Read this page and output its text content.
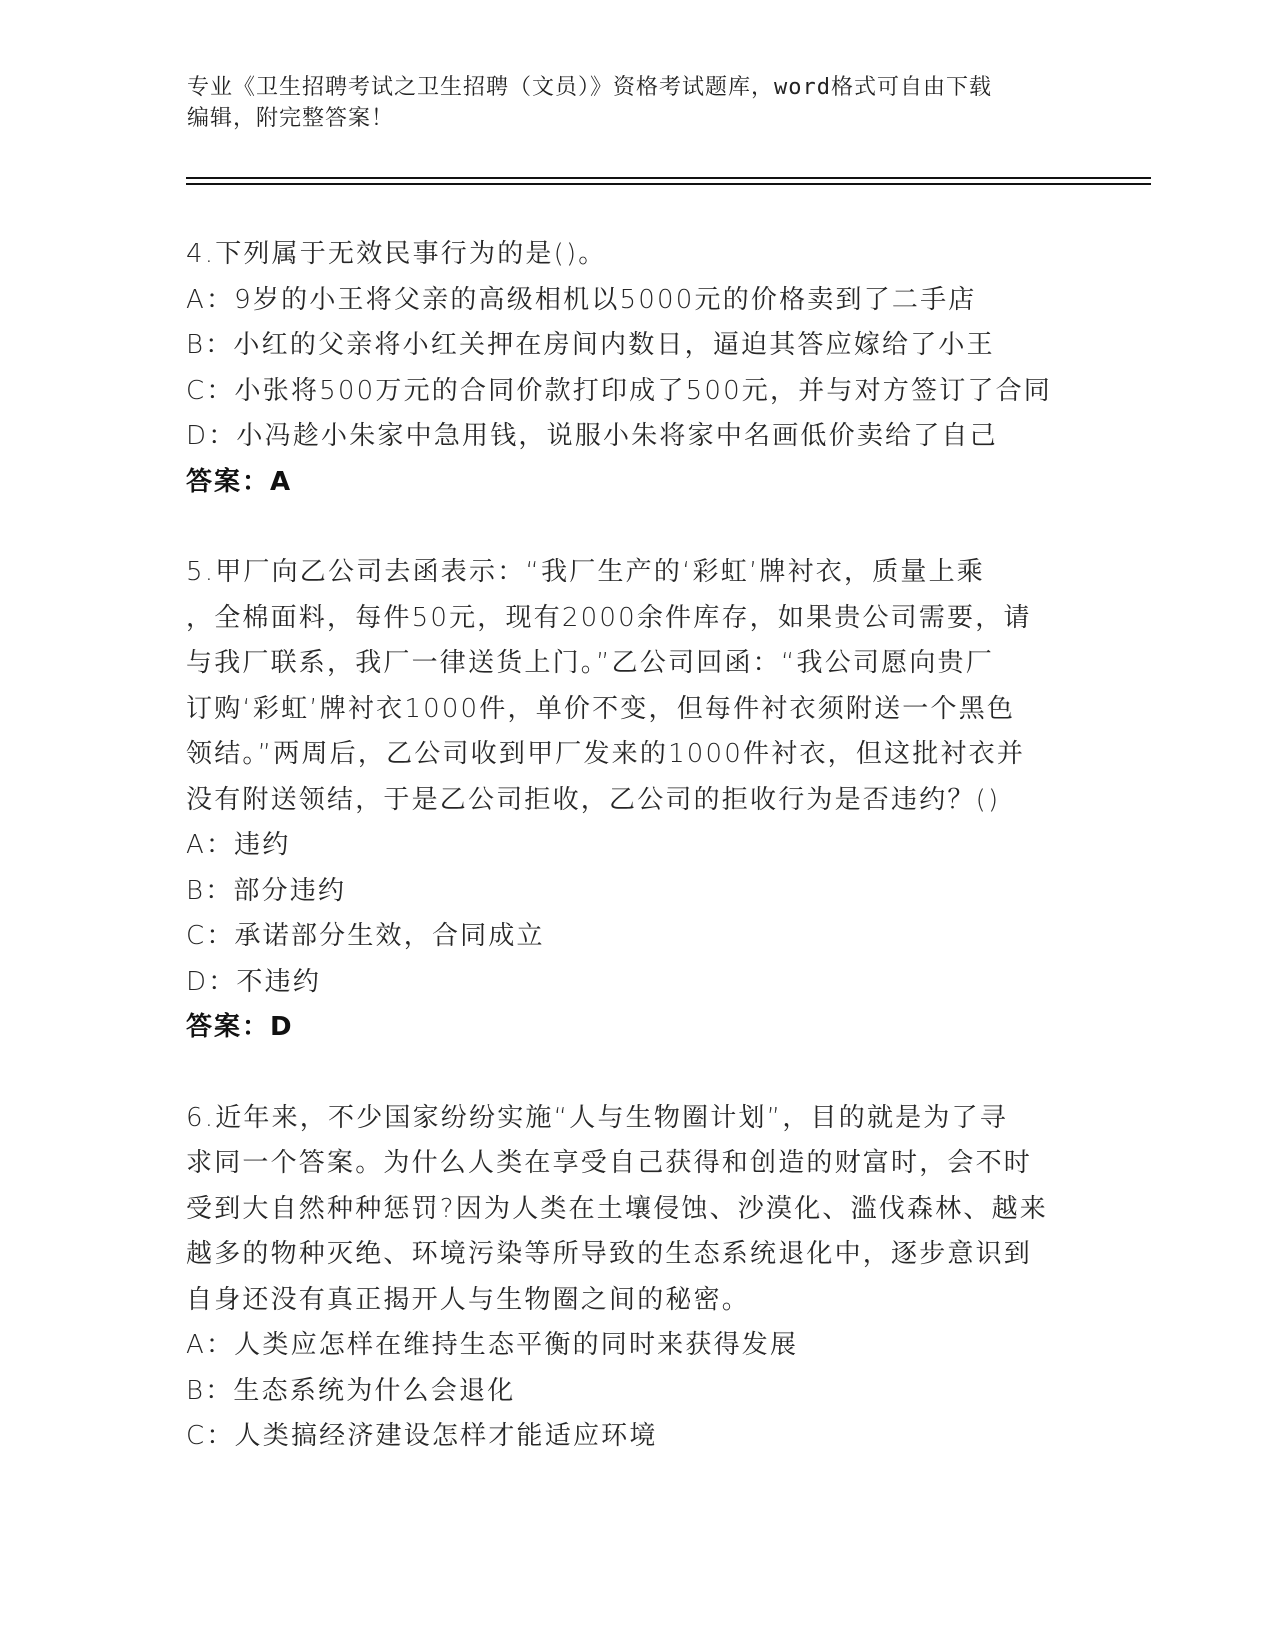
专业《卫生招聘考试之卫生招聘（文员）》资格考试题库，word格式可自由下载
编辑，附完整答案！
4.下列属于无效民事行为的是()。
A：9岁的小王将父亲的高级相机以5000元的价格卖到了二手店
B：小红的父亲将小红关押在房间内数日，逼迫其答应嫁给了小王
C：小张将500万元的合同价款打印成了500元，并与对方签订了合同
D：小冯趁小朱家中急用钱，说服小朱将家中名画低价卖给了自己
答案：A
5.甲厂向乙公司去函表示：“我厂生产的‘彩虹’牌衬衣，质量上乘
，全棉面料，每件50元，现有2000余件库存，如果贵公司需要，请
与我厂联系，我厂一律送货上门。”乙公司回函：“我公司愿向贵厂
订购‘彩虹’牌衬衣1000件，单价不变，但每件衬衣须附送一个黑色
领结。”两周后，乙公司收到甲厂发来的1000件衬衣，但这批衬衣并
没有附送领结，于是乙公司拒收，乙公司的拒收行为是否违约？()
A：违约
B：部分违约
C：承诺部分生效，合同成立
D：不违约
答案：D
6.近年来，不少国家纷纷实施“人与生物圈计划”，目的就是为了寻
求同一个答案。为什么人类在享受自己获得和创造的财富时，会不时
受到大自然种种惩罚?因为人类在土壤侵蚀、沙漠化、滥伐森林、越来
越多的物种灭绝、环境污染等所导致的生态系统退化中，逐步意识到
自身还没有真正揭开人与生物圈之间的秘密。
A：人类应怎样在维持生态平衡的同时来获得发展
B：生态系统为什么会退化
C：人类搞经济建设怎样才能适应环境
